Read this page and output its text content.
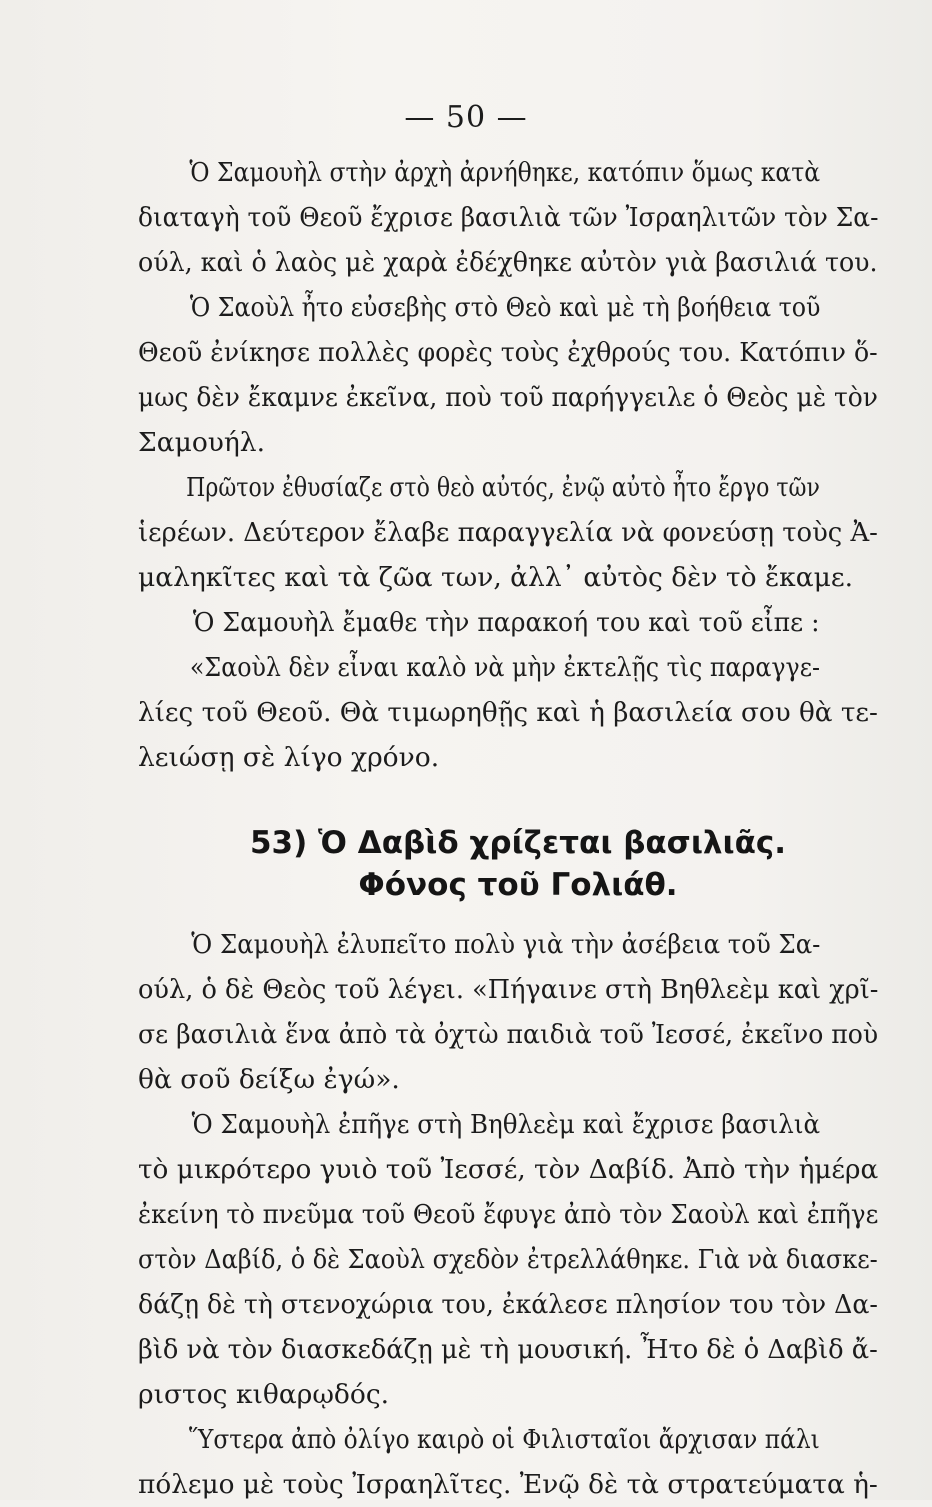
— 50 —
Ὁ Σαμουὴλ στὴν ἀρχὴ ἀρνήθηκε, κατόπιν ὅμως κατὰ
διαταγὴ τοῦ Θεοῦ ἔχρισε βασιλιὰ τῶν Ἰσραηλιτῶν τὸν Σα-
ούλ, καὶ ὁ λαὸς μὲ χαρὰ ἐδέχθηκε αὐτὸν γιὰ βασιλιά του.
Ὁ Σαοὺλ ἦτο εὐσεβὴς στὸ Θεὸ καὶ μὲ τὴ βοήθεια τοῦ
Θεοῦ ἐνίκησε πολλὲς φορὲς τοὺς ἐχθρούς του. Κατόπιν ὅ-
μως δὲν ἔκαμνε ἐκεῖνα, ποὺ τοῦ παρήγγειλε ὁ Θεὸς μὲ τὸν
Σαμουήλ.
Πρῶτον ἐθυσίαζε στὸ θεὸ αὐτός, ἐνῷ αὐτὸ ἦτο ἔργο τῶν
ἱερέων. Δεύτερον ἔλαβε παραγγελία νὰ φονεύσῃ τοὺς Ἀ-
μαληκῖτες καὶ τὰ ζῶα των, ἀλλ᾽ αὐτὸς δὲν τὸ ἔκαμε.
Ὁ Σαμουὴλ ἔμαθε τὴν παρακοή του καὶ τοῦ εἶπε :
«Σαοὺλ δὲν εἶναι καλὸ νὰ μὴν ἐκτελῇς τὶς παραγγε-
λίες τοῦ Θεοῦ. Θὰ τιμωρηθῇς καὶ ἡ βασιλεία σου θὰ τε-
λειώσῃ σὲ λίγο χρόνο.
53) Ὁ Δαβὶδ χρίζεται βασιλιᾶς.
Φόνος τοῦ Γολιάθ.
Ὁ Σαμουὴλ ἐλυπεῖτο πολὺ γιὰ τὴν ἀσέβεια τοῦ Σα-
ούλ, ὁ δὲ Θεὸς τοῦ λέγει. «Πήγαινε στὴ Βηθλεὲμ καὶ χρῖ-
σε βασιλιὰ ἕνα ἀπὸ τὰ ὀχτὼ παιδιὰ τοῦ Ἰεσσέ, ἐκεῖνο ποὺ
θὰ σοῦ δείξω ἐγώ».
Ὁ Σαμουὴλ ἐπῆγε στὴ Βηθλεὲμ καὶ ἔχρισε βασιλιὰ
τὸ μικρότερο γυιὸ τοῦ Ἰεσσέ, τὸν Δαβίδ. Ἀπὸ τὴν ἡμέρα
ἐκείνη τὸ πνεῦμα τοῦ Θεοῦ ἔφυγε ἀπὸ τὸν Σαοὺλ καὶ ἐπῆγε
στὸν Δαβίδ, ὁ δὲ Σαοὺλ σχεδὸν ἐτρελλάθηκε. Γιὰ νὰ διασκε-
δάζῃ δὲ τὴ στενοχώρια του, ἐκάλεσε πλησίον του τὸν Δα-
βὶδ νὰ τὸν διασκεδάζῃ μὲ τὴ μουσική. Ἦτο δὲ ὁ Δαβὶδ ἄ-
ριστος κιθαρῳδός.
Ὕστερα ἀπὸ ὀλίγο καιρὸ οἱ Φιλισταῖοι ἄρχισαν πάλι
πόλεμο μὲ τοὺς Ἰσραηλῖτες. Ἐνῷ δὲ τὰ στρατεύματα ἡ-
